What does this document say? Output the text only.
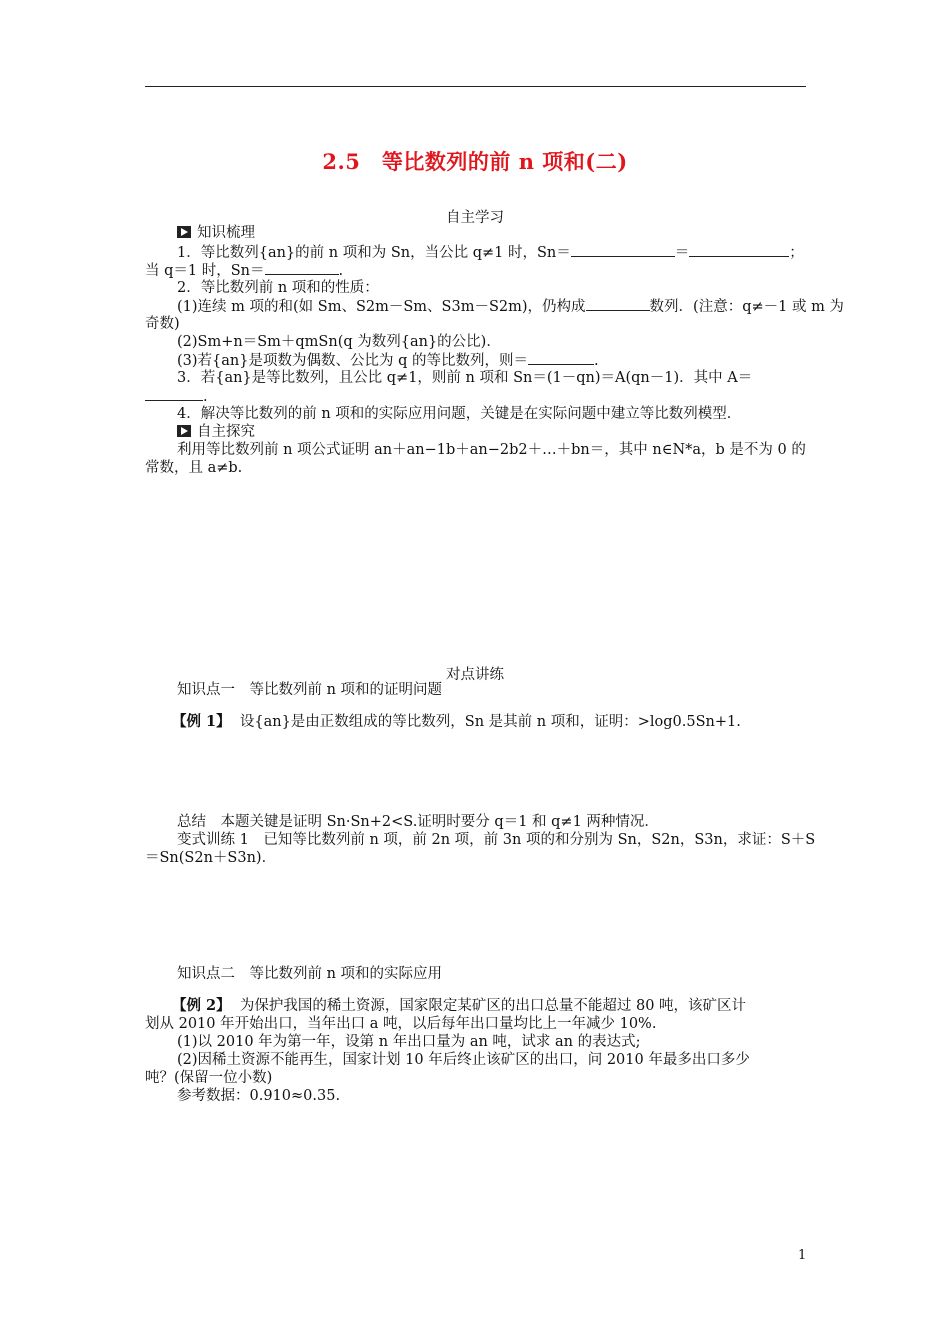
2.5　等比数列的前 n 项和(二)
自主学习
知识梳理
1．等比数列{an}的前 n 项和为 Sn，当公比 q≠1 时，Sn＝	＝	；
当 q＝1 时，Sn＝	.
2．等比数列前 n 项和的性质：
(1)连续 m 项的和(如 Sm、S2m－Sm、S3m－S2m)，仍构成	数列．(注意：q≠－1 或 m 为
奇数)
(2)Sm+n＝Sm＋qmSn(q 为数列{an}的公比)．
(3)若{an}是项数为偶数、公比为 q 的等比数列，则＝	.
3．若{an}是等比数列，且公比 q≠1，则前 n 项和 Sn＝(1－qn)＝A(qn－1)．其中 A＝
.
4．解决等比数列的前 n 项和的实际应用问题，关键是在实际问题中建立等比数列模型．
自主探究
利用等比数列前 n 项公式证明 an＋an−1b＋an−2b2＋…＋bn＝，其中 n∈N*a，b 是不为 0 的
常数，且 a≠b.
对点讲练
知识点一　等比数列前 n 项和的证明问题
【例 1】 设{an}是由正数组成的等比数列，Sn 是其前 n 项和，证明：>log0.5Sn+1.
总结　本题关键是证明 Sn·Sn+2<S.证明时要分 q＝1 和 q≠1 两种情况．
变式训练 1　已知等比数列前 n 项，前 2n 项，前 3n 项的和分别为 Sn，S2n，S3n，求证：S＋S
＝Sn(S2n＋S3n)．
知识点二　等比数列前 n 项和的实际应用
【例 2】 为保护我国的稀土资源，国家限定某矿区的出口总量不能超过 80 吨，该矿区计
划从 2010 年开始出口，当年出口 a 吨，以后每年出口量均比上一年减少 10%.
(1)以 2010 年为第一年，设第 n 年出口量为 an 吨，试求 an 的表达式;
(2)因稀土资源不能再生，国家计划 10 年后终止该矿区的出口，问 2010 年最多出口多少
吨？(保留一位小数)
参考数据：0.910≈0.35.
1
